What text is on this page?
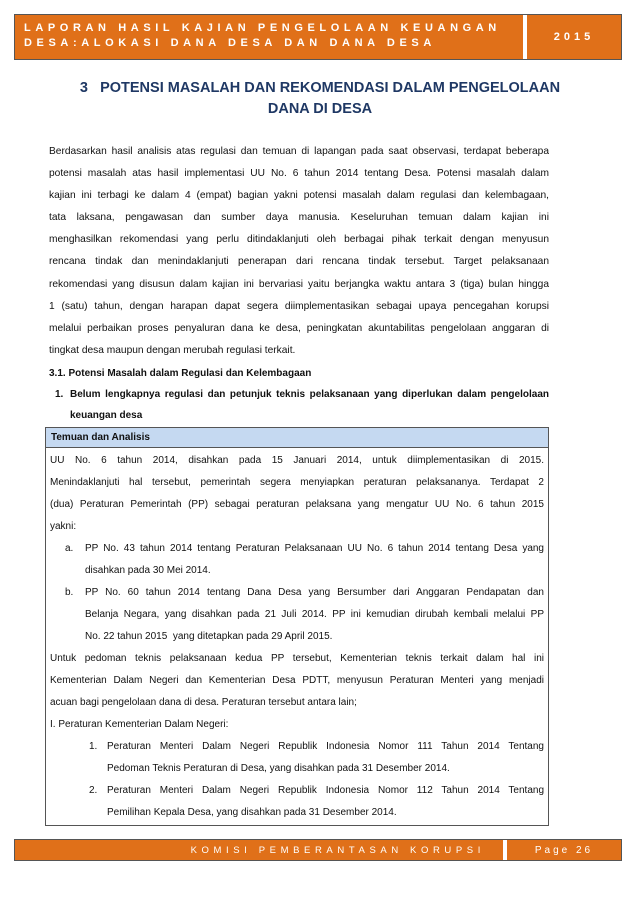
LAPORAN HASIL KAJIAN PENGELOLAAN KEUANGAN
DESA:ALOKASI DANA DESA DAN DANA DESA	2015
3   POTENSI MASALAH DAN REKOMENDASI DALAM PENGELOLAAN
DANA DI DESA
Berdasarkan hasil analisis atas regulasi dan temuan di lapangan pada saat observasi, terdapat beberapa
potensi masalah atas hasil implementasi UU No. 6 tahun 2014 tentang Desa. Potensi masalah dalam
kajian ini terbagi ke dalam 4 (empat) bagian yakni potensi masalah dalam regulasi dan kelembagaan,
tata laksana, pengawasan dan sumber daya manusia. Keseluruhan temuan dalam kajian ini
menghasilkan rekomendasi yang perlu ditindaklanjuti oleh berbagai pihak terkait dengan menyusun
rencana tindak dan menindaklanjuti penerapan dari rencana tindak tersebut. Target pelaksanaan
rekomendasi yang disusun dalam kajian ini bervariasi yaitu berjangka waktu antara 3 (tiga) bulan hingga
1 (satu) tahun, dengan harapan dapat segera diimplementasikan sebagai upaya pencegahan korupsi
melalui perbaikan proses penyaluran dana ke desa, peningkatan akuntabilitas pengelolaan anggaran di
tingkat desa maupun dengan merubah regulasi terkait.
3.1. Potensi Masalah dalam Regulasi dan Kelembagaan
1. Belum lengkapnya regulasi dan petunjuk teknis pelaksanaan yang diperlukan dalam pengelolaan
keuangan desa
Temuan dan Analisis
UU No. 6 tahun 2014, disahkan pada 15 Januari 2014, untuk diimplementasikan di 2015.
Menindaklanjuti hal tersebut, pemerintah segera menyiapkan peraturan pelaksananya. Terdapat 2
(dua) Peraturan Pemerintah (PP) sebagai peraturan pelaksana yang mengatur UU No. 6 tahun 2015
yakni:
a. PP No. 43 tahun 2014 tentang Peraturan Pelaksanaan UU No. 6 tahun 2014 tentang Desa yang
disahkan pada 30 Mei 2014.
b. PP No. 60 tahun 2014 tentang Dana Desa yang Bersumber dari Anggaran Pendapatan dan
Belanja Negara, yang disahkan pada 21 Juli 2014. PP ini kemudian dirubah kembali melalui PP
No. 22 tahun 2015  yang ditetapkan pada 29 April 2015.
Untuk pedoman teknis pelaksanaan kedua PP tersebut, Kementerian teknis terkait dalam hal ini
Kementerian Dalam Negeri dan Kementerian Desa PDTT, menyusun Peraturan Menteri yang menjadi
acuan bagi pengelolaan dana di desa. Peraturan tersebut antara lain;
I. Peraturan Kementerian Dalam Negeri:
1. Peraturan Menteri Dalam Negeri Republik Indonesia Nomor 111 Tahun 2014 Tentang
Pedoman Teknis Peraturan di Desa, yang disahkan pada 31 Desember 2014.
2. Peraturan Menteri Dalam Negeri Republik Indonesia Nomor 112 Tahun 2014 Tentang
Pemilihan Kepala Desa, yang disahkan pada 31 Desember 2014.
KOMISI PEMBERANTASAN KORUPSI	Page 26
